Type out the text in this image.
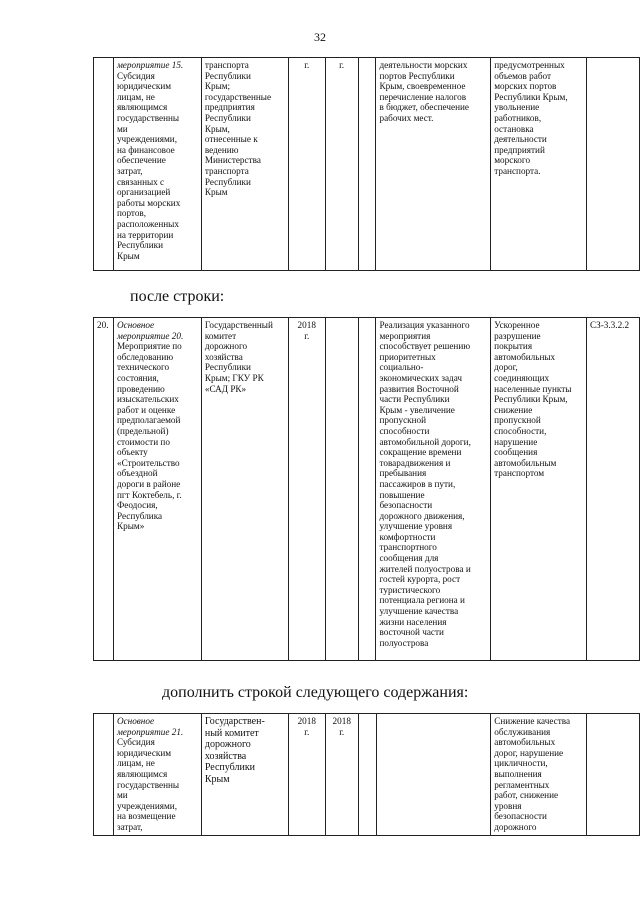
32
	мероприятие 15.
Субсидия
юридическим
лицам, не
являющимся
государственны
ми
учреждениями,
на финансовое
обеспечение
затрат,
связанных с
организацией
работы морских
портов,
расположенных
на территории
Республики
Крым	транспорта
Республики
Крым;
государственные
предприятия
Республики
Крым,
отнесенные к
ведению
Министерства
транспорта
Республики
Крым	г.	г.		деятельности морских
портов Республики
Крым, своевременное
перечисление налогов
в бюджет, обеспечение
рабочих мест.	предусмотренных
объемов работ
морских портов
Республики Крым,
увольнение
работников,
остановка
деятельности
предприятий
морского
транспорта.	
после строки:
20.	Основное
мероприятие 20.
Мероприятие по
обследованию
технического
состояния,
проведению
изыскательских
работ и оценке
предполагаемой
(предельной)
стоимости по
объекту
«Строительство
объездной
дороги в районе
пгт Коктебель, г.
Феодосия,
Республика
Крым»	Государственный
комитет
дорожного
хозяйства
Республики
Крым; ГКУ РК
«САД РК»	2018
г.			Реализация указанного
мероприятия
способствует решению
приоритетных
социально-
экономических задач
развития Восточной
части Республики
Крым - увеличение
пропускной
способности
автомобильной дороги,
сокращение времени
товарадвижения и
пребывания
пассажиров в пути,
повышение
безопасности
дорожного движения,
улучшение уровня
комфортности
транспортного
сообщения для
жителей полуострова и
гостей курорта, рост
туристического
потенциала региона и
улучшение качества
жизни населения
восточной части
полуострова	Ускоренное
разрушение
покрытия
автомобильных
дорог,
соединяющих
населенные пункты
Республики Крым,
снижение
пропускной
способности,
нарушение
сообщения
автомобильным
транспортом	СЗ-3.3.2.2
дополнить строкой следующего содержания:
	Основное
мероприятие 21.
Субсидия
юридическим
лицам, не
являющимся
государственны
ми
учреждениями,
на возмещение
затрат,	Государствен-
ный комитет
дорожного
хозяйства
Республики
Крым	2018
г.	2018
г.			Снижение качества
обслуживания
автомобильных
дорог, нарушение
цикличности,
выполнения
регламентных
работ, снижение
уровня
безопасности
дорожного	
